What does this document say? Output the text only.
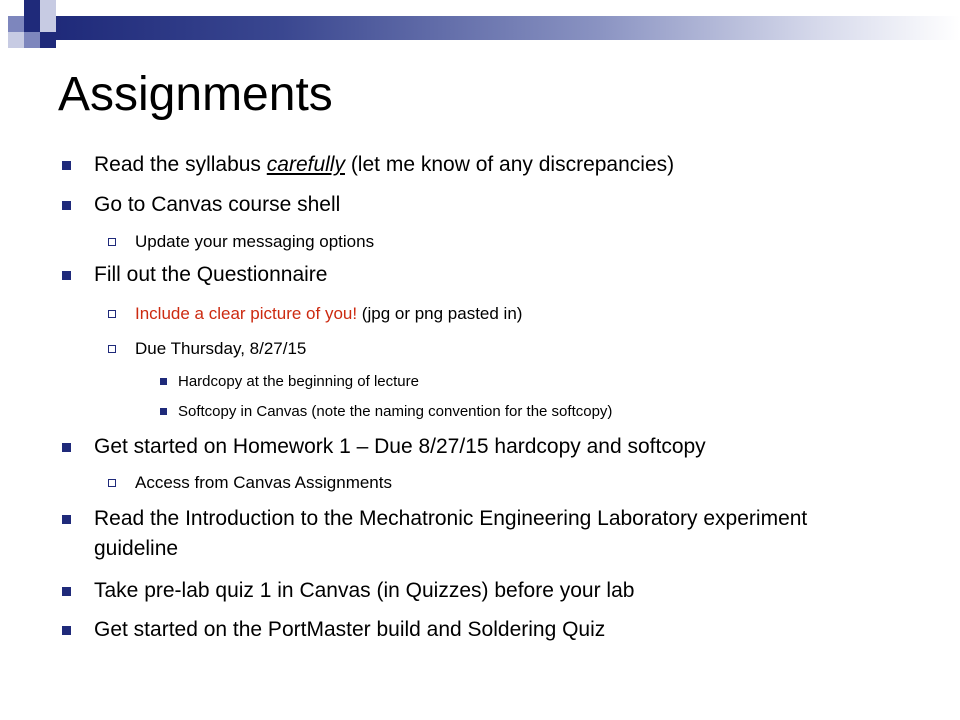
Assignments
Read the syllabus carefully (let me know of any discrepancies)
Go to Canvas course shell
Update your messaging options
Fill out the Questionnaire
Include a clear picture of you! (jpg or png pasted in)
Due Thursday, 8/27/15
Hardcopy at the beginning of lecture
Softcopy in Canvas (note the naming convention for the softcopy)
Get started on Homework 1 – Due 8/27/15 hardcopy and softcopy
Access from Canvas Assignments
Read the Introduction to the Mechatronic Engineering Laboratory experiment guideline
Take pre-lab quiz 1 in Canvas (in Quizzes) before your lab
Get started on the PortMaster build and Soldering Quiz
